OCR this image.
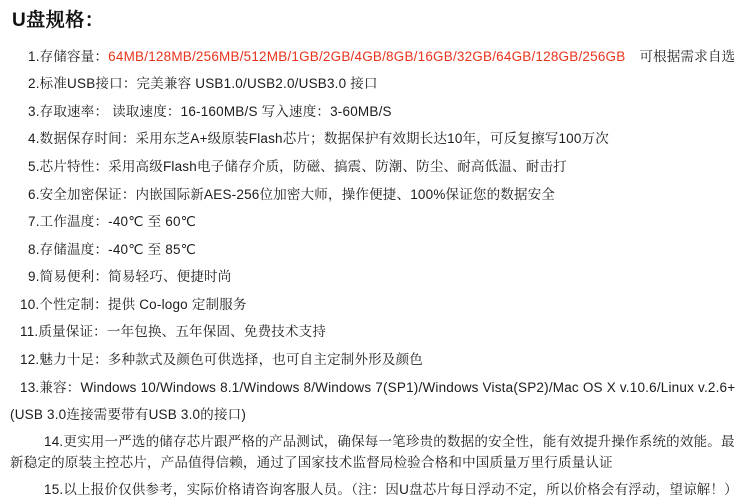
U盘规格：
1.存储容量：64MB/128MB/256MB/512MB/1GB/2GB/4GB/8GB/16GB/32GB/64GB/128GB/256GB 可根据需求自选
2.标准USB接口：完美兼容 USB1.0/USB2.0/USB3.0 接口
3.存取速率： 读取速度：16-160MB/S 写入速度：3-60MB/S
4.数据保存时间：采用东芝A+级原装Flash芯片；数据保护有效期长达10年，可反复擦写100万次
5.芯片特性：采用高级Flash电子储存介质，防磁、搞震、防潮、防尘、耐高低温、耐击打
6.安全加密保证：内嵌国际新AES-256位加密大师，操作便捷、100%保证您的数据安全
7.工作温度：-40℃ 至 60℃
8.存储温度：-40℃ 至 85℃
9.简易便利：简易轻巧、便捷时尚
10.个性定制：提供 Co-logo 定制服务
11.质量保证：一年包换、五年保固、免费技术支持
12.魅力十足：多种款式及颜色可供选择，也可自主定制外形及颜色
13.兼容：Windows 10/Windows 8.1/Windows 8/Windows 7(SP1)/Windows Vista(SP2)/Mac OS X v.10.6/Linux v.2.6+
(USB 3.0连接需要带有USB 3.0的接口)
14.更实用一严选的储存芯片跟严格的产品测试，确保每一笔珍贵的数据的安全性，能有效提升操作系统的效能。最新稳定的原装主控芯片，产品值得信赖，通过了国家技术监督局检验合格和中国质量万里行质量认证
15.以上报价仅供参考，实际价格请咨询客服人员。（注：因U盘芯片每日浮动不定，所以价格会有浮动，望谅解！）
